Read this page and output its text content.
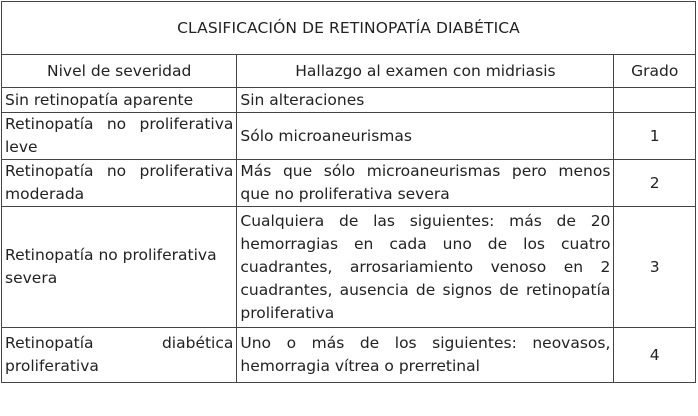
CLASIFICACIÓN DE RETINOPATÍA DIABÉTICA		
Nivel de severidad	Hallazgo al examen con midriasis	Grado
Sin retinopatía aparente	Sin alteraciones	
Retinopatía no proliferativa leve	Sólo microaneurismas	1
Retinopatía no proliferativa moderada	Más que sólo microaneurismas pero menos que no proliferativa severa	2
Retinopatía no proliferativa severa	Cualquiera de las siguientes: más de 20 hemorragias en cada uno de los cuatro cuadrantes, arrosariamiento venoso en 2 cuadrantes, ausencia de signos de retinopatía proliferativa	3
Retinopatía diabética proliferativa	Uno o más de los siguientes: neovasos, hemorragia vítrea o prerretinal	4
